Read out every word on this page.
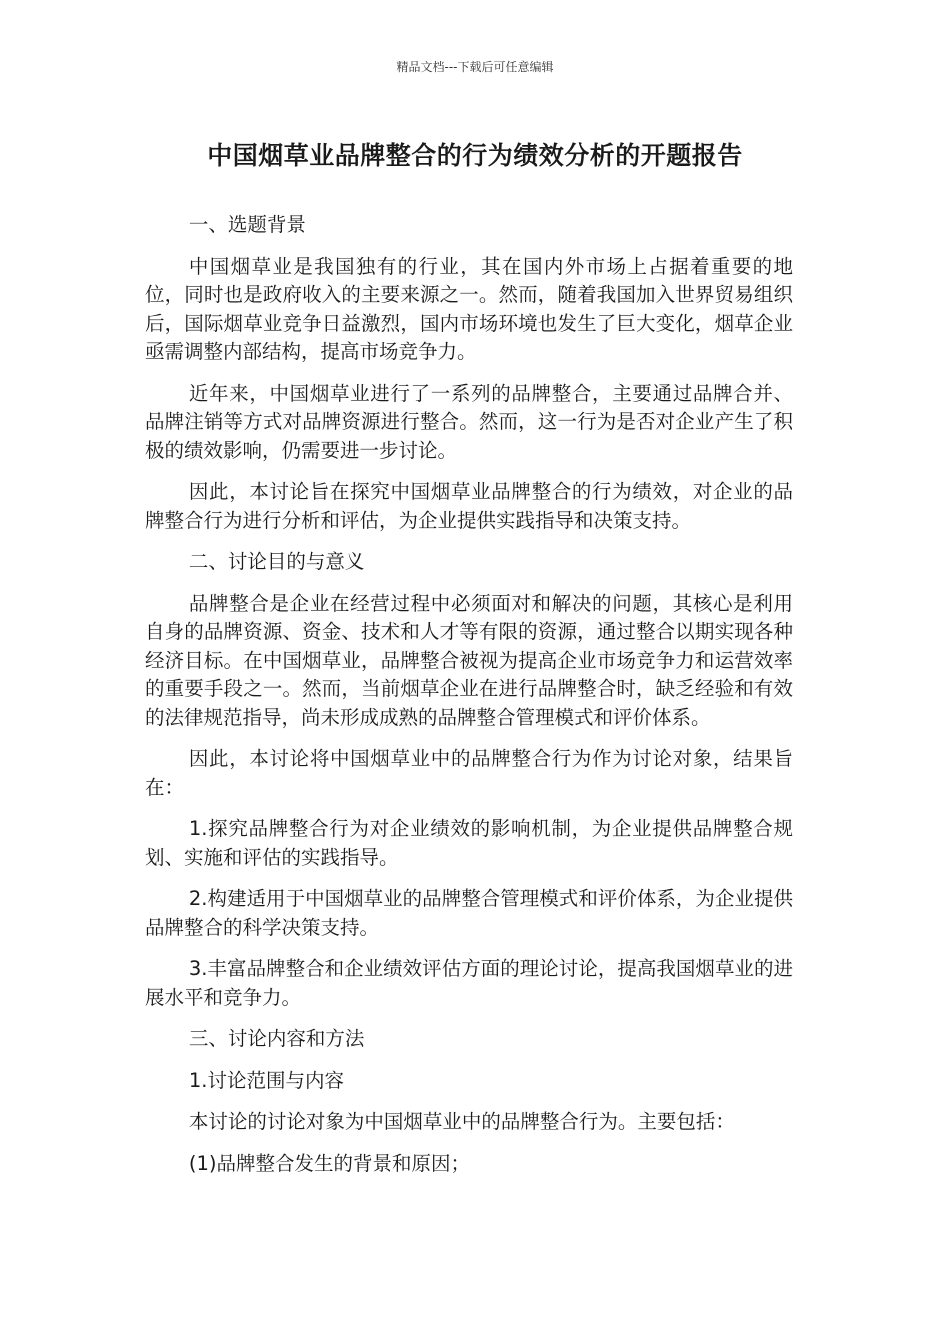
精品文档---下载后可任意编辑
中国烟草业品牌整合的行为绩效分析的开题报告

一、选题背景

中国烟草业是我国独有的行业，其在国内外市场上占据着重要的地位，同时也是政府收入的主要来源之一。然而，随着我国加入世界贸易组织后，国际烟草业竞争日益激烈，国内市场环境也发生了巨大变化，烟草企业亟需调整内部结构，提高市场竞争力。

近年来，中国烟草业进行了一系列的品牌整合，主要通过品牌合并、品牌注销等方式对品牌资源进行整合。然而，这一行为是否对企业产生了积极的绩效影响，仍需要进一步讨论。

因此，本讨论旨在探究中国烟草业品牌整合的行为绩效，对企业的品牌整合行为进行分析和评估，为企业提供实践指导和决策支持。

二、讨论目的与意义

品牌整合是企业在经营过程中必须面对和解决的问题，其核心是利用自身的品牌资源、资金、技术和人才等有限的资源，通过整合以期实现各种经济目标。在中国烟草业，品牌整合被视为提高企业市场竞争力和运营效率的重要手段之一。然而，当前烟草企业在进行品牌整合时，缺乏经验和有效的法律规范指导，尚未形成成熟的品牌整合管理模式和评价体系。

因此，本讨论将中国烟草业中的品牌整合行为作为讨论对象，结果旨在：

1.探究品牌整合行为对企业绩效的影响机制，为企业提供品牌整合规划、实施和评估的实践指导。

2.构建适用于中国烟草业的品牌整合管理模式和评价体系，为企业提供品牌整合的科学决策支持。

3.丰富品牌整合和企业绩效评估方面的理论讨论，提高我国烟草业的进展水平和竞争力。

三、讨论内容和方法

1.讨论范围与内容

本讨论的讨论对象为中国烟草业中的品牌整合行为。主要包括：

(1)品牌整合发生的背景和原因；
